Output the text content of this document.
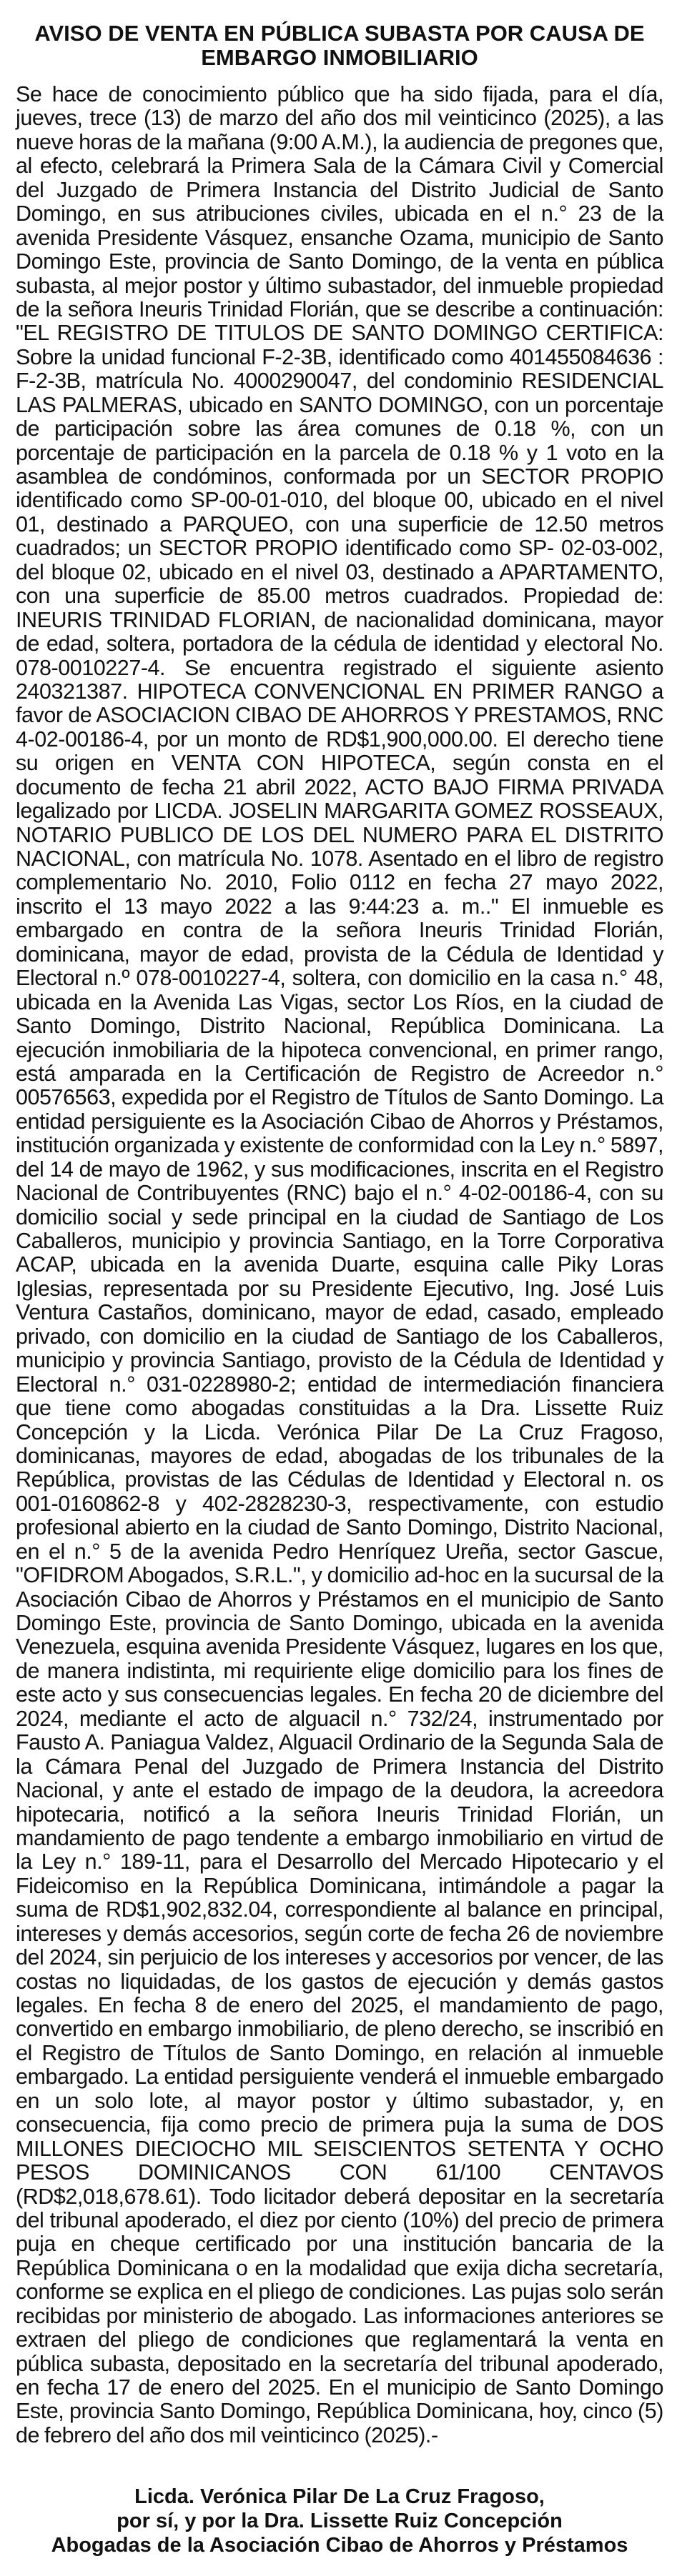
AVISO DE VENTA EN PÚBLICA SUBASTA POR CAUSA DE EMBARGO INMOBILIARIO

Se hace de conocimiento público que ha sido fijada, para el día, jueves, trece (13) de marzo del año dos mil veinticinco (2025), a las nueve horas de la mañana (9:00 A.M.), la audiencia de pregones que, al efecto, celebrará la Primera Sala de la Cámara Civil y Comercial del Juzgado de Primera Instancia del Distrito Judicial de Santo Domingo, en sus atribuciones civiles, ubicada en el n.° 23 de la avenida Presidente Vásquez, ensanche Ozama, municipio de Santo Domingo Este, provincia de Santo Domingo, de la venta en pública subasta, al mejor postor y último subastador, del inmueble propiedad de la señora Ineuris Trinidad Florián, que se describe a continuación: "EL REGISTRO DE TITULOS DE SANTO DOMINGO CERTIFICA: Sobre la unidad funcional F-2-3B, identificado como 401455084636 : F-2-3B, matrícula No. 4000290047, del condominio RESIDENCIAL LAS PALMERAS, ubicado en SANTO DOMINGO, con un porcentaje de participación sobre las área comunes de 0.18 %, con un porcentaje de participación en la parcela de 0.18 % y 1 voto en la asamblea de condóminos, conformada por un SECTOR PROPIO identificado como SP-00-01-010, del bloque 00, ubicado en el nivel 01, destinado a PARQUEO, con una superficie de 12.50 metros cuadrados; un SECTOR PROPIO identificado como SP- 02-03-002, del bloque 02, ubicado en el nivel 03, destinado a APARTAMENTO, con una superficie de 85.00 metros cuadrados. Propiedad de: INEURIS TRINIDAD FLORIAN, de nacionalidad dominicana, mayor de edad, soltera, portadora de la cédula de identidad y electoral No. 078-0010227-4. Se encuentra registrado el siguiente asiento 240321387. HIPOTECA CONVENCIONAL EN PRIMER RANGO a favor de ASOCIACION CIBAO DE AHORROS Y PRESTAMOS, RNC 4-02-00186-4, por un monto de RD$1,900,000.00. El derecho tiene su origen en VENTA CON HIPOTECA, según consta en el documento de fecha 21 abril 2022, ACTO BAJO FIRMA PRIVADA legalizado por LICDA. JOSELIN MARGARITA GOMEZ ROSSEAUX, NOTARIO PUBLICO DE LOS DEL NUMERO PARA EL DISTRITO NACIONAL, con matrícula No. 1078. Asentado en el libro de registro complementario No. 2010, Folio 0112 en fecha 27 mayo 2022, inscrito el 13 mayo 2022 a las 9:44:23 a. m.." El inmueble es embargado en contra de la señora Ineuris Trinidad Florián, dominicana, mayor de edad, provista de la Cédula de Identidad y Electoral n.º 078-0010227-4, soltera, con domicilio en la casa n.° 48, ubicada en la Avenida Las Vigas, sector Los Ríos, en la ciudad de Santo Domingo, Distrito Nacional, República Dominicana. La ejecución inmobiliaria de la hipoteca convencional, en primer rango, está amparada en la Certificación de Registro de Acreedor n.° 00576563, expedida por el Registro de Títulos de Santo Domingo. La entidad persiguiente es la Asociación Cibao de Ahorros y Préstamos, institución organizada y existente de conformidad con la Ley n.° 5897, del 14 de mayo de 1962, y sus modificaciones, inscrita en el Registro Nacional de Contribuyentes (RNC) bajo el n.° 4-02-00186-4, con su domicilio social y sede principal en la ciudad de Santiago de Los Caballeros, municipio y provincia Santiago, en la Torre Corporativa ACAP, ubicada en la avenida Duarte, esquina calle Piky Loras Iglesias, representada por su Presidente Ejecutivo, Ing. José Luis Ventura Castaños, dominicano, mayor de edad, casado, empleado privado, con domicilio en la ciudad de Santiago de los Caballeros, municipio y provincia Santiago, provisto de la Cédula de Identidad y Electoral n.° 031-0228980-2; entidad de intermediación financiera que tiene como abogadas constituidas a la Dra. Lissette Ruiz Concepción y la Licda. Verónica Pilar De La Cruz Fragoso, dominicanas, mayores de edad, abogadas de los tribunales de la República, provistas de las Cédulas de Identidad y Electoral n. os 001-0160862-8 y 402-2828230-3, respectivamente, con estudio profesional abierto en la ciudad de Santo Domingo, Distrito Nacional, en el n.° 5 de la avenida Pedro Henríquez Ureña, sector Gascue, "OFIDROM Abogados, S.R.L.", y domicilio ad-hoc en la sucursal de la Asociación Cibao de Ahorros y Préstamos en el municipio de Santo Domingo Este, provincia de Santo Domingo, ubicada en la avenida Venezuela, esquina avenida Presidente Vásquez, lugares en los que, de manera indistinta, mi requiriente elige domicilio para los fines de este acto y sus consecuencias legales. En fecha 20 de diciembre del 2024, mediante el acto de alguacil n.° 732/24, instrumentado por Fausto A. Paniagua Valdez, Alguacil Ordinario de la Segunda Sala de la Cámara Penal del Juzgado de Primera Instancia del Distrito Nacional, y ante el estado de impago de la deudora, la acreedora hipotecaria, notificó a la señora Ineuris Trinidad Florián, un mandamiento de pago tendente a embargo inmobiliario en virtud de la Ley n.° 189-11, para el Desarrollo del Mercado Hipotecario y el Fideicomiso en la República Dominicana, intimándole a pagar la suma de RD$1,902,832.04, correspondiente al balance en principal, intereses y demás accesorios, según corte de fecha 26 de noviembre del 2024, sin perjuicio de los intereses y accesorios por vencer, de las costas no liquidadas, de los gastos de ejecución y demás gastos legales. En fecha 8 de enero del 2025, el mandamiento de pago, convertido en embargo inmobiliario, de pleno derecho, se inscribió en el Registro de Títulos de Santo Domingo, en relación al inmueble embargado. La entidad persiguiente venderá el inmueble embargado en un solo lote, al mayor postor y último subastador, y, en consecuencia, fija como precio de primera puja la suma de DOS MILLONES DIECIOCHO MIL SEISCIENTOS SETENTA Y OCHO PESOS DOMINICANOS CON 61/100 CENTAVOS (RD$2,018,678.61). Todo licitador deberá depositar en la secretaría del tribunal apoderado, el diez por ciento (10%) del precio de primera puja en cheque certificado por una institución bancaria de la República Dominicana o en la modalidad que exija dicha secretaría, conforme se explica en el pliego de condiciones. Las pujas solo serán recibidas por ministerio de abogado. Las informaciones anteriores se extraen del pliego de condiciones que reglamentará la venta en pública subasta, depositado en la secretaría del tribunal apoderado, en fecha 17 de enero del 2025. En el municipio de Santo Domingo Este, provincia Santo Domingo, República Dominicana, hoy, cinco (5) de febrero del año dos mil veinticinco (2025).-

Licda. Verónica Pilar De La Cruz Fragoso,
por sí, y por la Dra. Lissette Ruiz Concepción
Abogadas de la Asociación Cibao de Ahorros y Préstamos
